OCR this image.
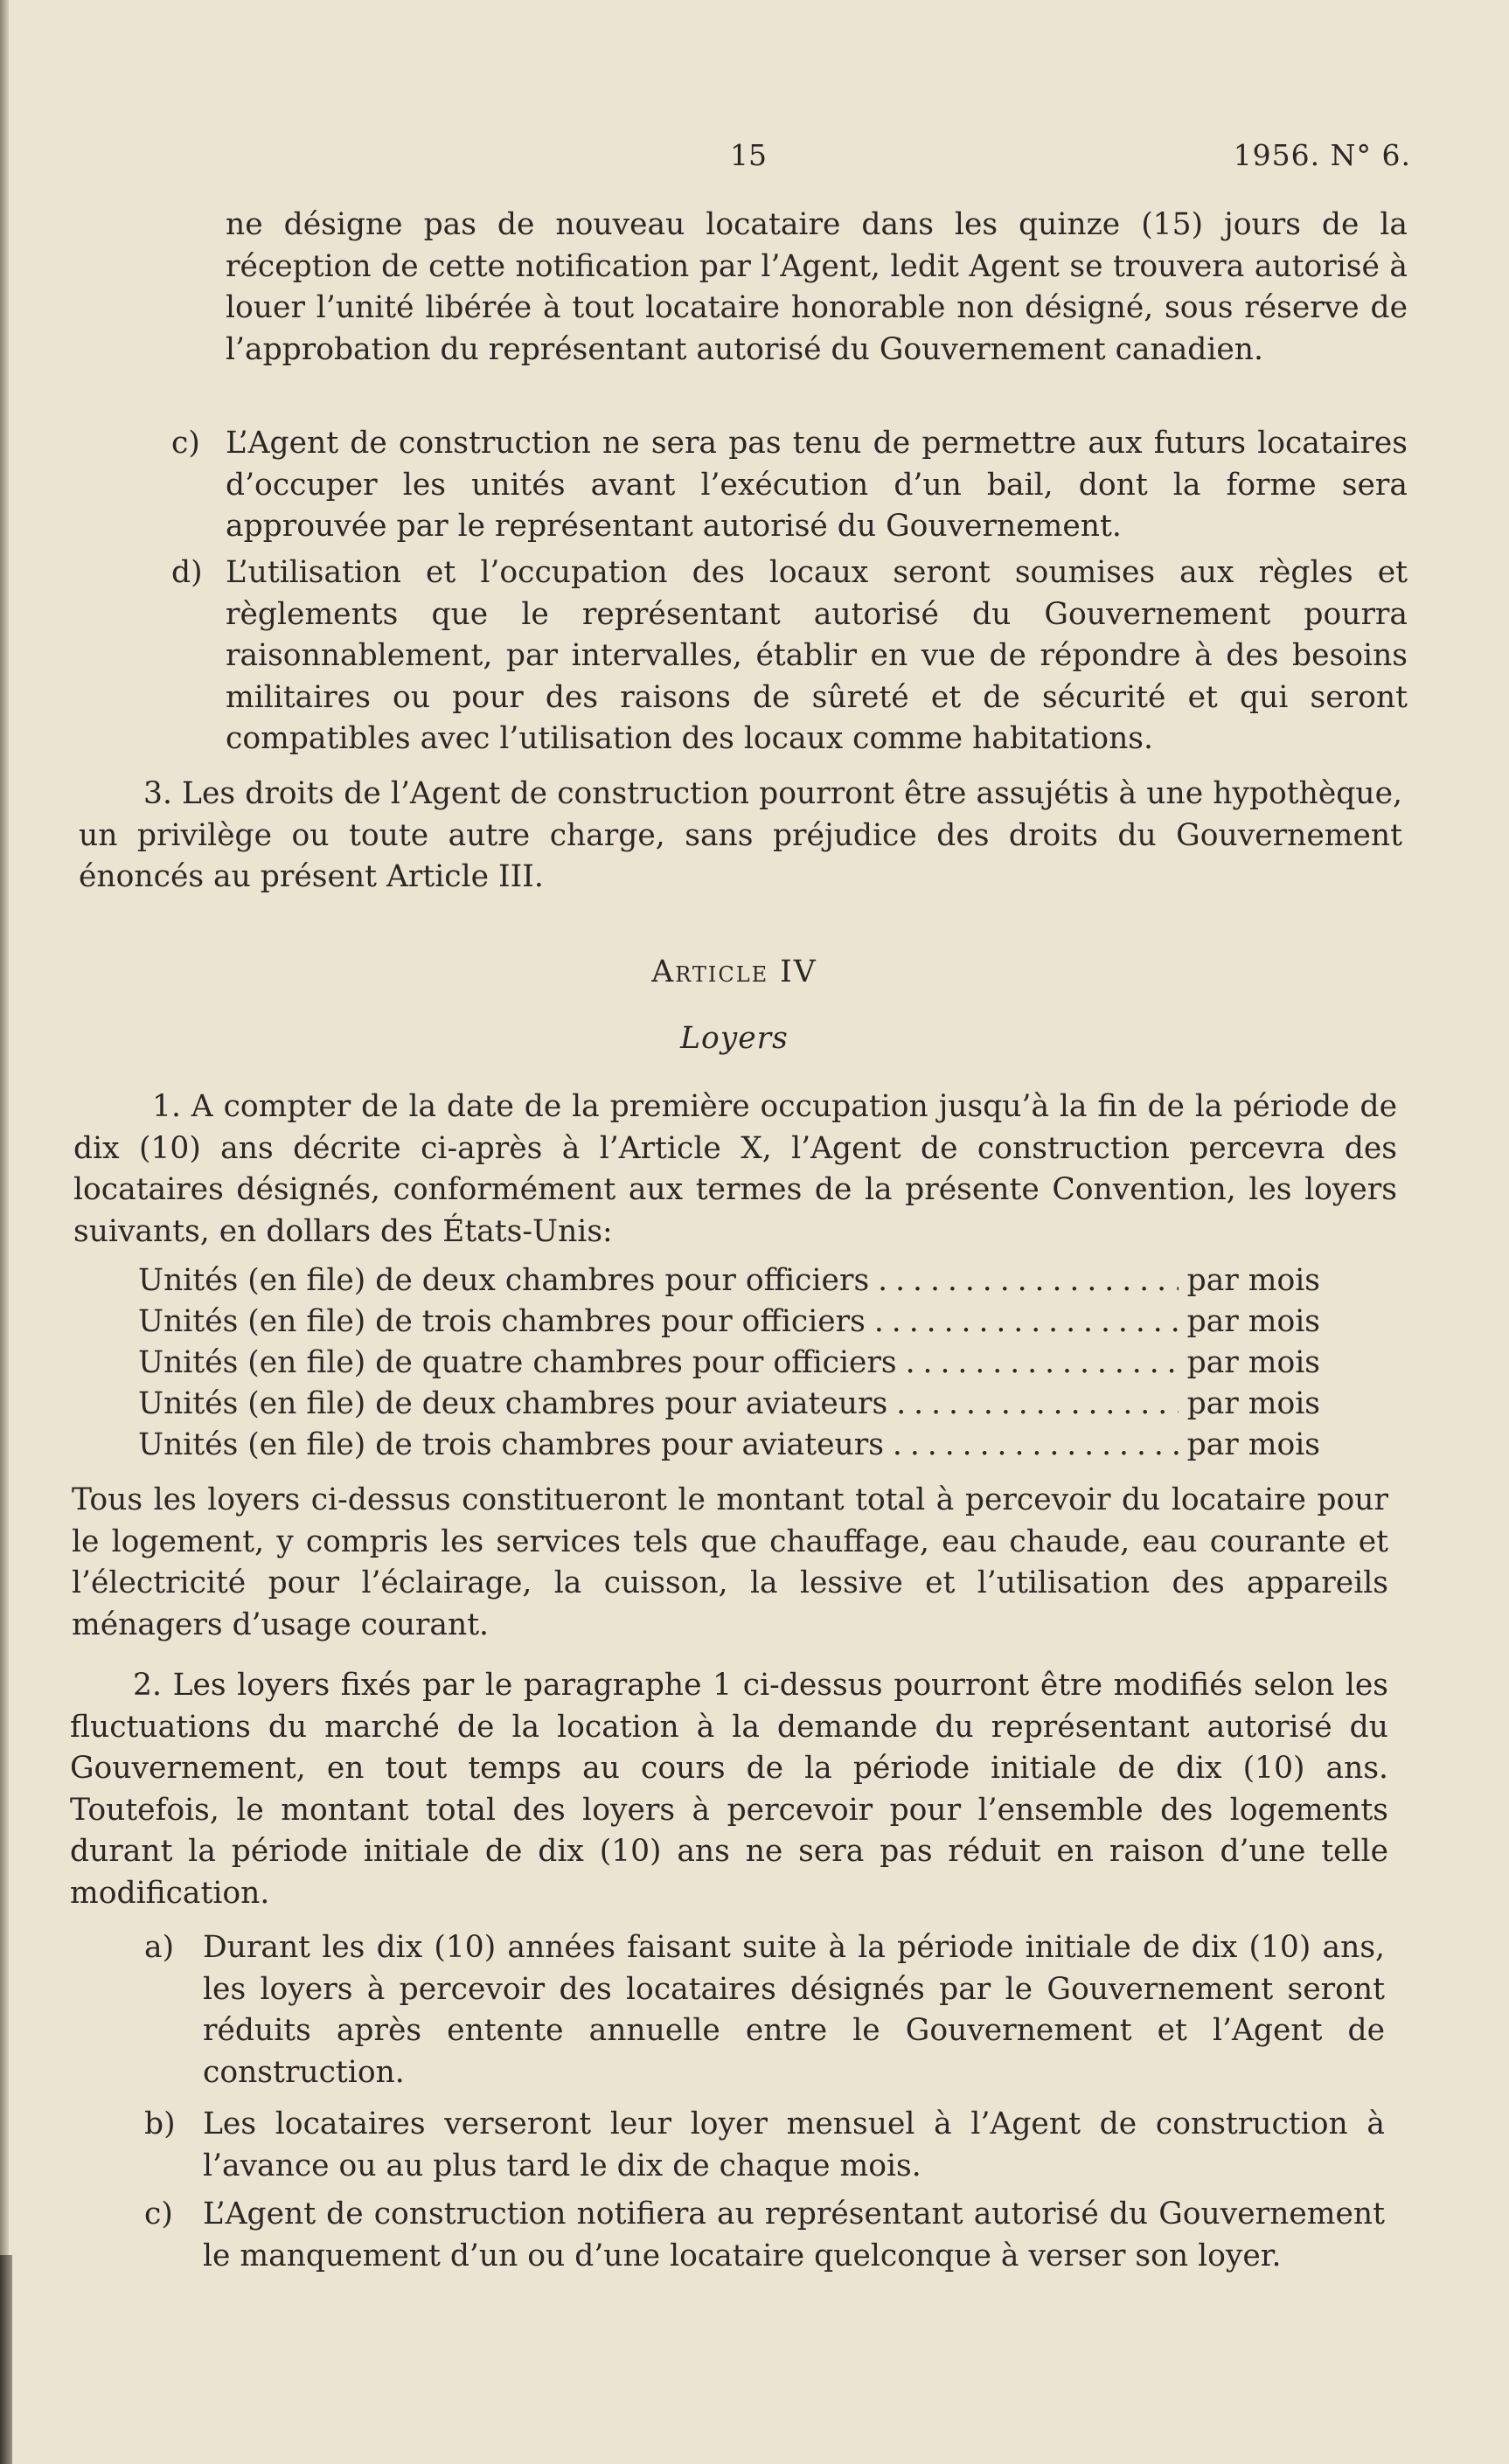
15	1956. N° 6.
ne désigne pas de nouveau locataire dans les quinze (15) jours de la réception de cette notification par l’Agent, ledit Agent se trouvera autorisé à louer l’unité libérée à tout locataire honorable non désigné, sous réserve de l’approbation du représentant autorisé du Gouvernement canadien.
c) L’Agent de construction ne sera pas tenu de permettre aux futurs locataires d’occuper les unités avant l’exécution d’un bail, dont la forme sera approuvée par le représentant autorisé du Gouvernement.
d) L’utilisation et l’occupation des locaux seront soumises aux règles et règlements que le représentant autorisé du Gouvernement pourra raisonnablement, par intervalles, établir en vue de répondre à des besoins militaires ou pour des raisons de sûreté et de sécurité et qui seront compatibles avec l’utilisation des locaux comme habitations.
3. Les droits de l’Agent de construction pourront être assujétis à une hypothèque, un privilège ou toute autre charge, sans préjudice des droits du Gouvernement énoncés au présent Article III.
Article IV
Loyers
1. A compter de la date de la première occupation jusqu’à la fin de la période de dix (10) ans décrite ci-après à l’Article X, l’Agent de construction percevra des locataires désignés, conformément aux termes de la présente Convention, les loyers suivants, en dollars des États-Unis:
Unités (en file) de deux chambres pour officiers . . .	par mois
Unités (en file) de trois chambres pour officiers . . .	par mois
Unités (en file) de quatre chambres pour officiers . . .	par mois
Unités (en file) de deux chambres pour aviateurs . . .	par mois
Unités (en file) de trois chambres pour aviateurs . . .	par mois
Tous les loyers ci-dessus constitueront le montant total à percevoir du locataire pour le logement, y compris les services tels que chauffage, eau chaude, eau courante et l’électricité pour l’éclairage, la cuisson, la lessive et l’utilisation des appareils ménagers d’usage courant.
2. Les loyers fixés par le paragraphe 1 ci-dessus pourront être modifiés selon les fluctuations du marché de la location à la demande du représentant autorisé du Gouvernement, en tout temps au cours de la période initiale de dix (10) ans. Toutefois, le montant total des loyers à percevoir pour l’ensemble des logements durant la période initiale de dix (10) ans ne sera pas réduit en raison d’une telle modification.
a) Durant les dix (10) années faisant suite à la période initiale de dix (10) ans, les loyers à percevoir des locataires désignés par le Gouvernement seront réduits après entente annuelle entre le Gouvernement et l’Agent de construction.
b) Les locataires verseront leur loyer mensuel à l’Agent de construction à l’avance ou au plus tard le dix de chaque mois.
c) L’Agent de construction notifiera au représentant autorisé du Gouvernement le manquement d’un ou d’une locataire quelconque à verser son loyer.
